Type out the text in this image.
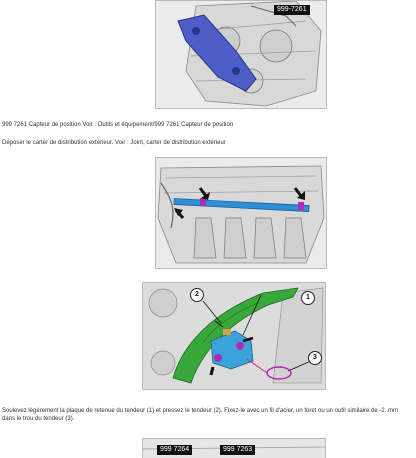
999-7261
999 7261 Capteur de position Voir : Outils et équipement/999 7261 Capteur de position
Déposer le carter de distribution extérieur. Voir : Joint, carter de distribution extérieur
2	1
3
Soulevez légèrement la plaque de retenue du tendeur (1) et pressez le tendeur (2). Fixez-le avec un fil d'acier, un foret ou un outil similaire de -2. mm dans le trou du tendeur (3).
999 7264	999 7263
